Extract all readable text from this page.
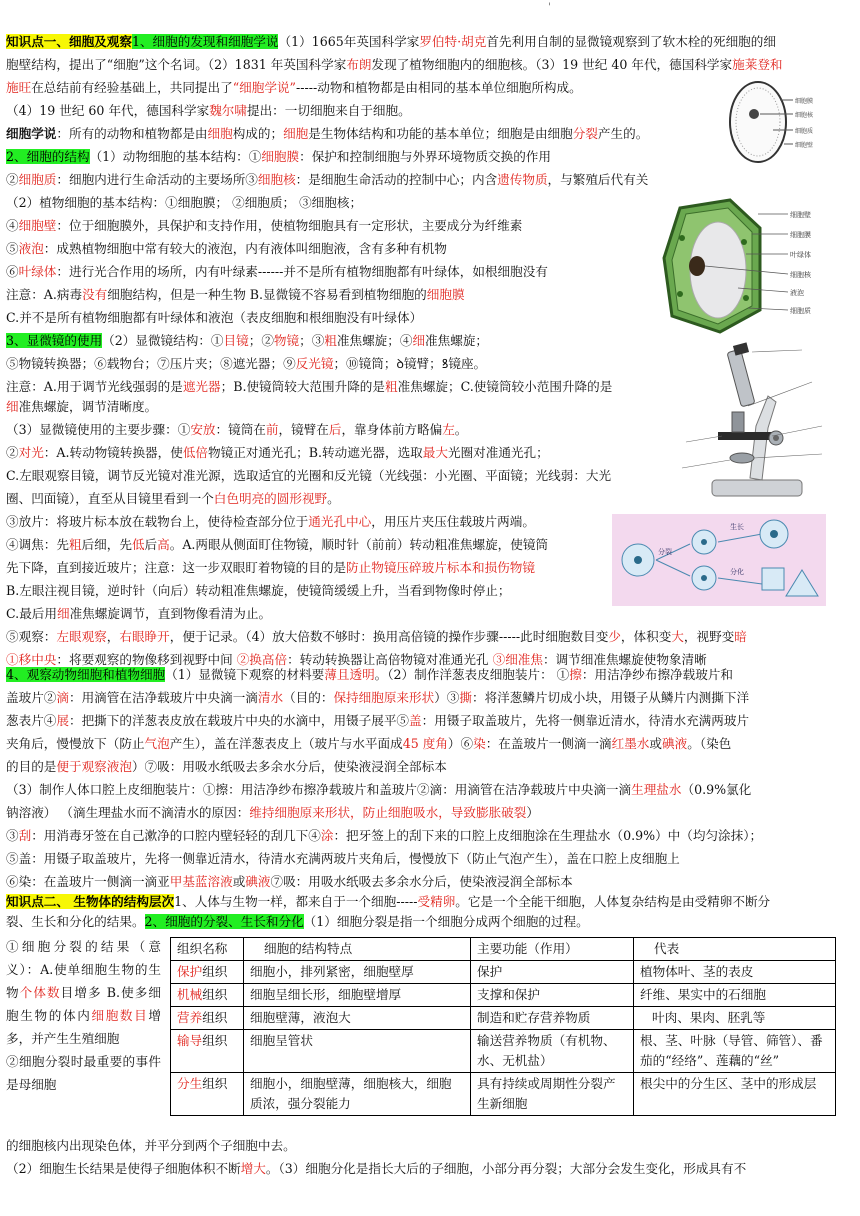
'
知识点一、细胞及观察1、细胞的发现和细胞学说（1）1665年英国科学家罗伯特·胡克首先利用自制的显微镜观察到了软木栓的死细胞的细
胞壁结构，提出了“细胞”这个名词。（2）1831 年英国科学家布朗发现了植物细胞内的细胞核。（3）19 世纪 40 年代，德国科学家施莱登和
施旺在总结前有经验基础上，共同提出了“细胞学说”-----动物和植物都是由相同的基本单位细胞所构成。
（4）19 世纪 60 年代，德国科学家魏尔啸提出：一切细胞来自于细胞。
细胞学说：所有的动物和植物都是由细胞构成的；细胞是生物体结构和功能的基本单位；细胞是由细胞分裂产生的。
细胞膜
细胞核
细胞质
细胞壁
2、细胞的结构（1）动物细胞的基本结构：①细胞膜：保护和控制细胞与外界环境物质交换的作用
②细胞质：细胞内进行生命活动的主要场所③细胞核：是细胞生命活动的控制中心；内含遗传物质，与繁殖后代有关
（2）植物细胞的基本结构：①细胞膜； ②细胞质； ③细胞核；
④细胞壁：位于细胞膜外，具保护和支持作用，使植物细胞具有一定形状，主要成分为纤维素
⑤液泡：成熟植物细胞中常有较大的液泡，内有液体叫细胞液，含有多种有机物
⑥叶绿体：进行光合作用的场所，内有叶绿素------并不是所有植物细胞都有叶绿体，如根细胞没有
注意：A.病毒没有细胞结构，但是一种生物 B.显微镜不容易看到植物细胞的细胞膜
C.并不是所有植物细胞都有叶绿体和液泡（表皮细胞和根细胞没有叶绿体）
细胞壁
细胞膜
叶绿体
细胞核
液泡
细胞质
3、显微镜的使用（2）显微镜结构：①目镜；②物镜；③粗准焦螺旋；④细准焦螺旋；
⑤物镜转换器；⑥载物台；⑦压片夹；⑧遮光器；⑨反光镜；⑩镜筒；ꝺ镜臂；ꝸ镜座。
注意：A.用于调节光线强弱的是遮光器；B.使镜筒较大范围升降的是粗准焦螺旋；C.使镜筒较小范围升降的是
细准焦螺旋，调节清晰度。
（3）显微镜使用的主要步骤：①安放：镜筒在前，镜臂在后，靠身体前方略偏左。
②对光：A.转动物镜转换器，使低倍物镜正对通光孔；B.转动遮光器，选取最大光圈对准通光孔；
C.左眼观察目镜，调节反光镜对准光源，选取适宜的光圈和反光镜（光线强：小光圈、平面镜；光线弱：大光
圈、凹面镜），直至从目镜里看到一个白色明亮的圆形视野。
③放片：将玻片标本放在载物台上，使待检查部分位于通光孔中心，用压片夹压住载玻片两端。
④调焦：先粗后细，先低后高。A.两眼从侧面盯住物镜，顺时针（前前）转动粗准焦螺旋，使镜筒
先下降，直到接近玻片；注意：这一步双眼盯着物镜的目的是防止物镜压碎玻片标本和损伤物镜
B.左眼注视目镜，逆时针（向后）转动粗准焦螺旋，使镜筒缓缓上升，当看到物像时停止；
C.最后用细准焦螺旋调节，直到物像看清为止。
⑤观察：左眼观察，右眼睁开，便于记录。（4）放大倍数不够时：换用高倍镜的操作步骤-----此时细胞数目变少，体积变大，视野变暗
①移中央：将要观察的物像移到视野中间 ②换高倍：转动转换器让高倍物镜对准通光孔 ③细准焦：调节细准焦螺旋使物象清晰
分裂
生长
分化
4、观察动物细胞和植物细胞（1）显微镜下观察的材料要薄且透明。（2）制作洋葱表皮细胞装片： ①擦：用洁净纱布擦净载玻片和
盖玻片②滴：用滴管在洁净载玻片中央滴一滴清水（目的：保持细胞原来形状）③撕：将洋葱鳞片切成小块，用镊子从鳞片内测撕下洋
葱表片④展：把撕下的洋葱表皮放在载玻片中央的水滴中，用镊子展平⑤盖：用镊子取盖玻片，先将一侧靠近清水，待清水充满两玻片
夹角后，慢慢放下（防止气泡产生），盖在洋葱表皮上（玻片与水平面成45 度角）⑥染：在盖玻片一侧滴一滴红墨水或碘液。（染色
的目的是便于观察液泡）⑦吸：用吸水纸吸去多余水分后，使染液浸润全部标本
（3）制作人体口腔上皮细胞装片：①擦：用洁净纱布擦净载玻片和盖玻片②滴：用滴管在洁净载玻片中央滴一滴生理盐水（0.9%氯化
钠溶液） （滴生理盐水而不滴清水的原因：维持细胞原来形状，防止细胞吸水，导致膨胀破裂）
③刮：用消毒牙签在自己漱净的口腔内壁轻轻的刮几下④涂：把牙签上的刮下来的口腔上皮细胞涂在生理盐水（0.9%）中（均匀涂抹）；
⑤盖：用镊子取盖玻片，先将一侧靠近清水，待清水充满两玻片夹角后，慢慢放下（防止气泡产生），盖在口腔上皮细胞上
⑥染：在盖玻片一侧滴一滴亚甲基蓝溶液或碘液⑦吸：用吸水纸吸去多余水分后，使染液浸润全部标本
知识点二、 生物体的结构层次1、人体与生物一样，都来自于一个细胞-----受精卵。它是一个全能干细胞，人体复杂结构是由受精卵不断分
裂、生长和分化的结果。2、细胞的分裂、生长和分化（1）细胞分裂是指一个细胞分成两个细胞的过程。
①细胞分裂的结果（意义）：A.使单细胞生物的生物个体数目增多 B.使多细胞生物的体内细胞数目增多，并产生生殖细胞
②细胞分裂时最重要的事件是母细胞
组织名称	细胞的结构特点	主要功能（作用）	代表
保护组织	细胞小，排列紧密，细胞壁厚	保护	植物体叶、茎的表皮
机械组织	细胞呈细长形，细胞壁增厚	支撑和保护	纤维、果实中的石细胞
营养组织	细胞壁薄，液泡大	制造和贮存营养物质	叶肉、果肉、胚乳等
输导组织	细胞呈管状	输送营养物质（有机物、水、无机盐）	根、茎、叶脉（导管、筛管）、番茄的“经络”、莲藕的“丝”
分生组织	细胞小，细胞壁薄，细胞核大，细胞质浓，强分裂能力	具有持续或周期性分裂产生新细胞	根尖中的分生区、茎中的形成层
的细胞核内出现染色体，并平分到两个子细胞中去。
（2）细胞生长结果是使得子细胞体积不断增大。（3）细胞分化是指长大后的子细胞，小部分再分裂；大部分会发生变化，形成具有不
